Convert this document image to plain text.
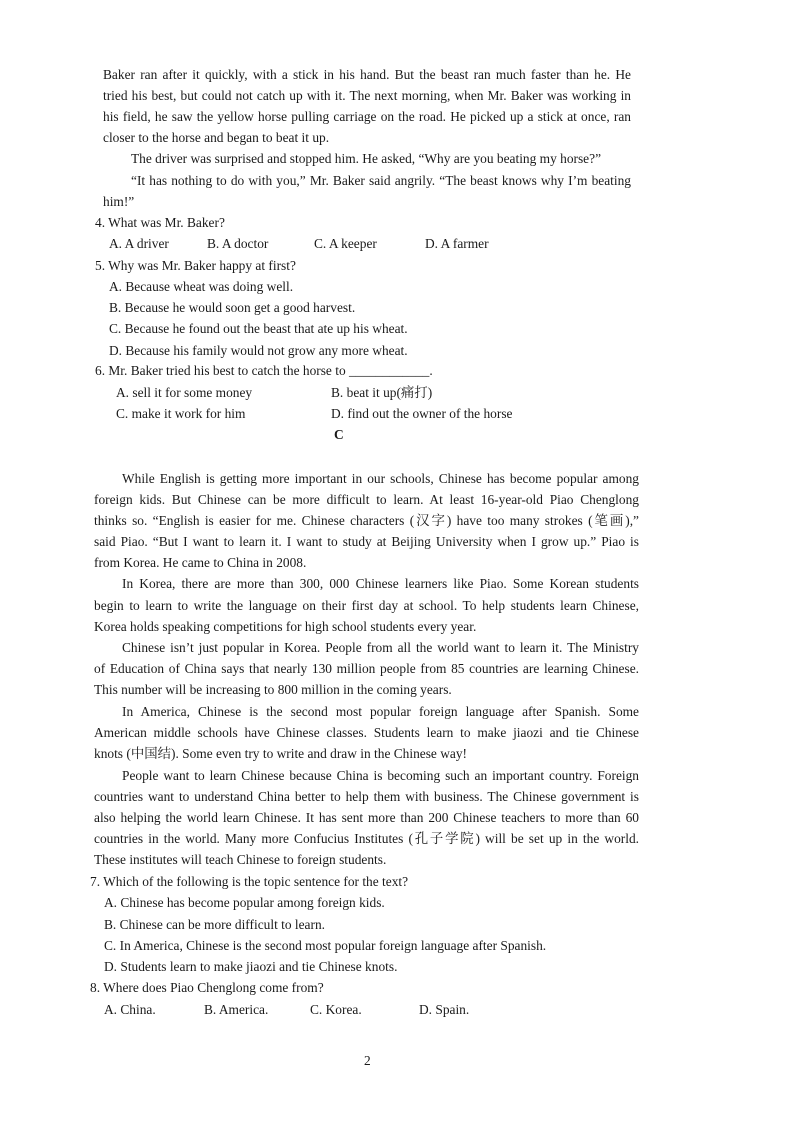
Baker ran after it quickly, with a stick in his hand. But the beast ran much faster than he. He

tried his best, but could not catch up with it. The next morning, when Mr. Baker was working in

his field, he saw the yellow horse pulling carriage on the road. He picked up a stick at once, ran

closer to the horse and began to beat it up.

The driver was surprised and stopped him. He asked, “Why are you beating my horse?”

“It has nothing to do with you,” Mr. Baker said angrily. “The beast knows why I’m beating

him!”

4. What was Mr. Baker?

A. A driver	B. A doctor	C. A keeper	D. A farmer

5. Why was Mr. Baker happy at first?

A. Because wheat was doing well.

B. Because he would soon get a good harvest.

C. Because he found out the beast that ate up his wheat.

D. Because his family would not grow any more wheat.

6. Mr. Baker tried his best to catch the horse to ____________.

A. sell it for some money	B. beat it up(痛打)

C. make it work for him	D. find out the owner of the horse

C

While English is getting more important in our schools, Chinese has become popular among

foreign kids. But Chinese can be more difficult to learn. At least 16-year-old Piao Chenglong

thinks so. “English is easier for me. Chinese characters (汉字) have too many strokes (笔画),”

said Piao. “But I want to learn it. I want to study at Beijing University when I grow up.” Piao is

from Korea. He came to China in 2008.

In Korea, there are more than 300, 000 Chinese learners like Piao. Some Korean students

begin to learn to write the language on their first day at school. To help students learn Chinese,

Korea holds speaking competitions for high school students every year.

Chinese isn’t just popular in Korea. People from all the world want to learn it. The Ministry

of Education of China says that nearly 130 million people from 85 countries are learning Chinese.

This number will be increasing to 800 million in the coming years.

In America, Chinese is the second most popular foreign language after Spanish. Some

American middle schools have Chinese classes. Students learn to make jiaozi and tie Chinese

knots (中国结). Some even try to write and draw in the Chinese way!

People want to learn Chinese because China is becoming such an important country. Foreign

countries want to understand China better to help them with business. The Chinese government is

also helping the world learn Chinese. It has sent more than 200 Chinese teachers to more than 60

countries in the world. Many more Confucius Institutes (孔子学院) will be set up in the world.

These institutes will teach Chinese to foreign students.

7. Which of the following is the topic sentence for the text?

A. Chinese has become popular among foreign kids.

B. Chinese can be more difficult to learn.

C. In America, Chinese is the second most popular foreign language after Spanish.

D. Students learn to make jiaozi and tie Chinese knots.

8. Where does Piao Chenglong come from?

A. China.	B. America.	C. Korea.	D. Spain.

2
